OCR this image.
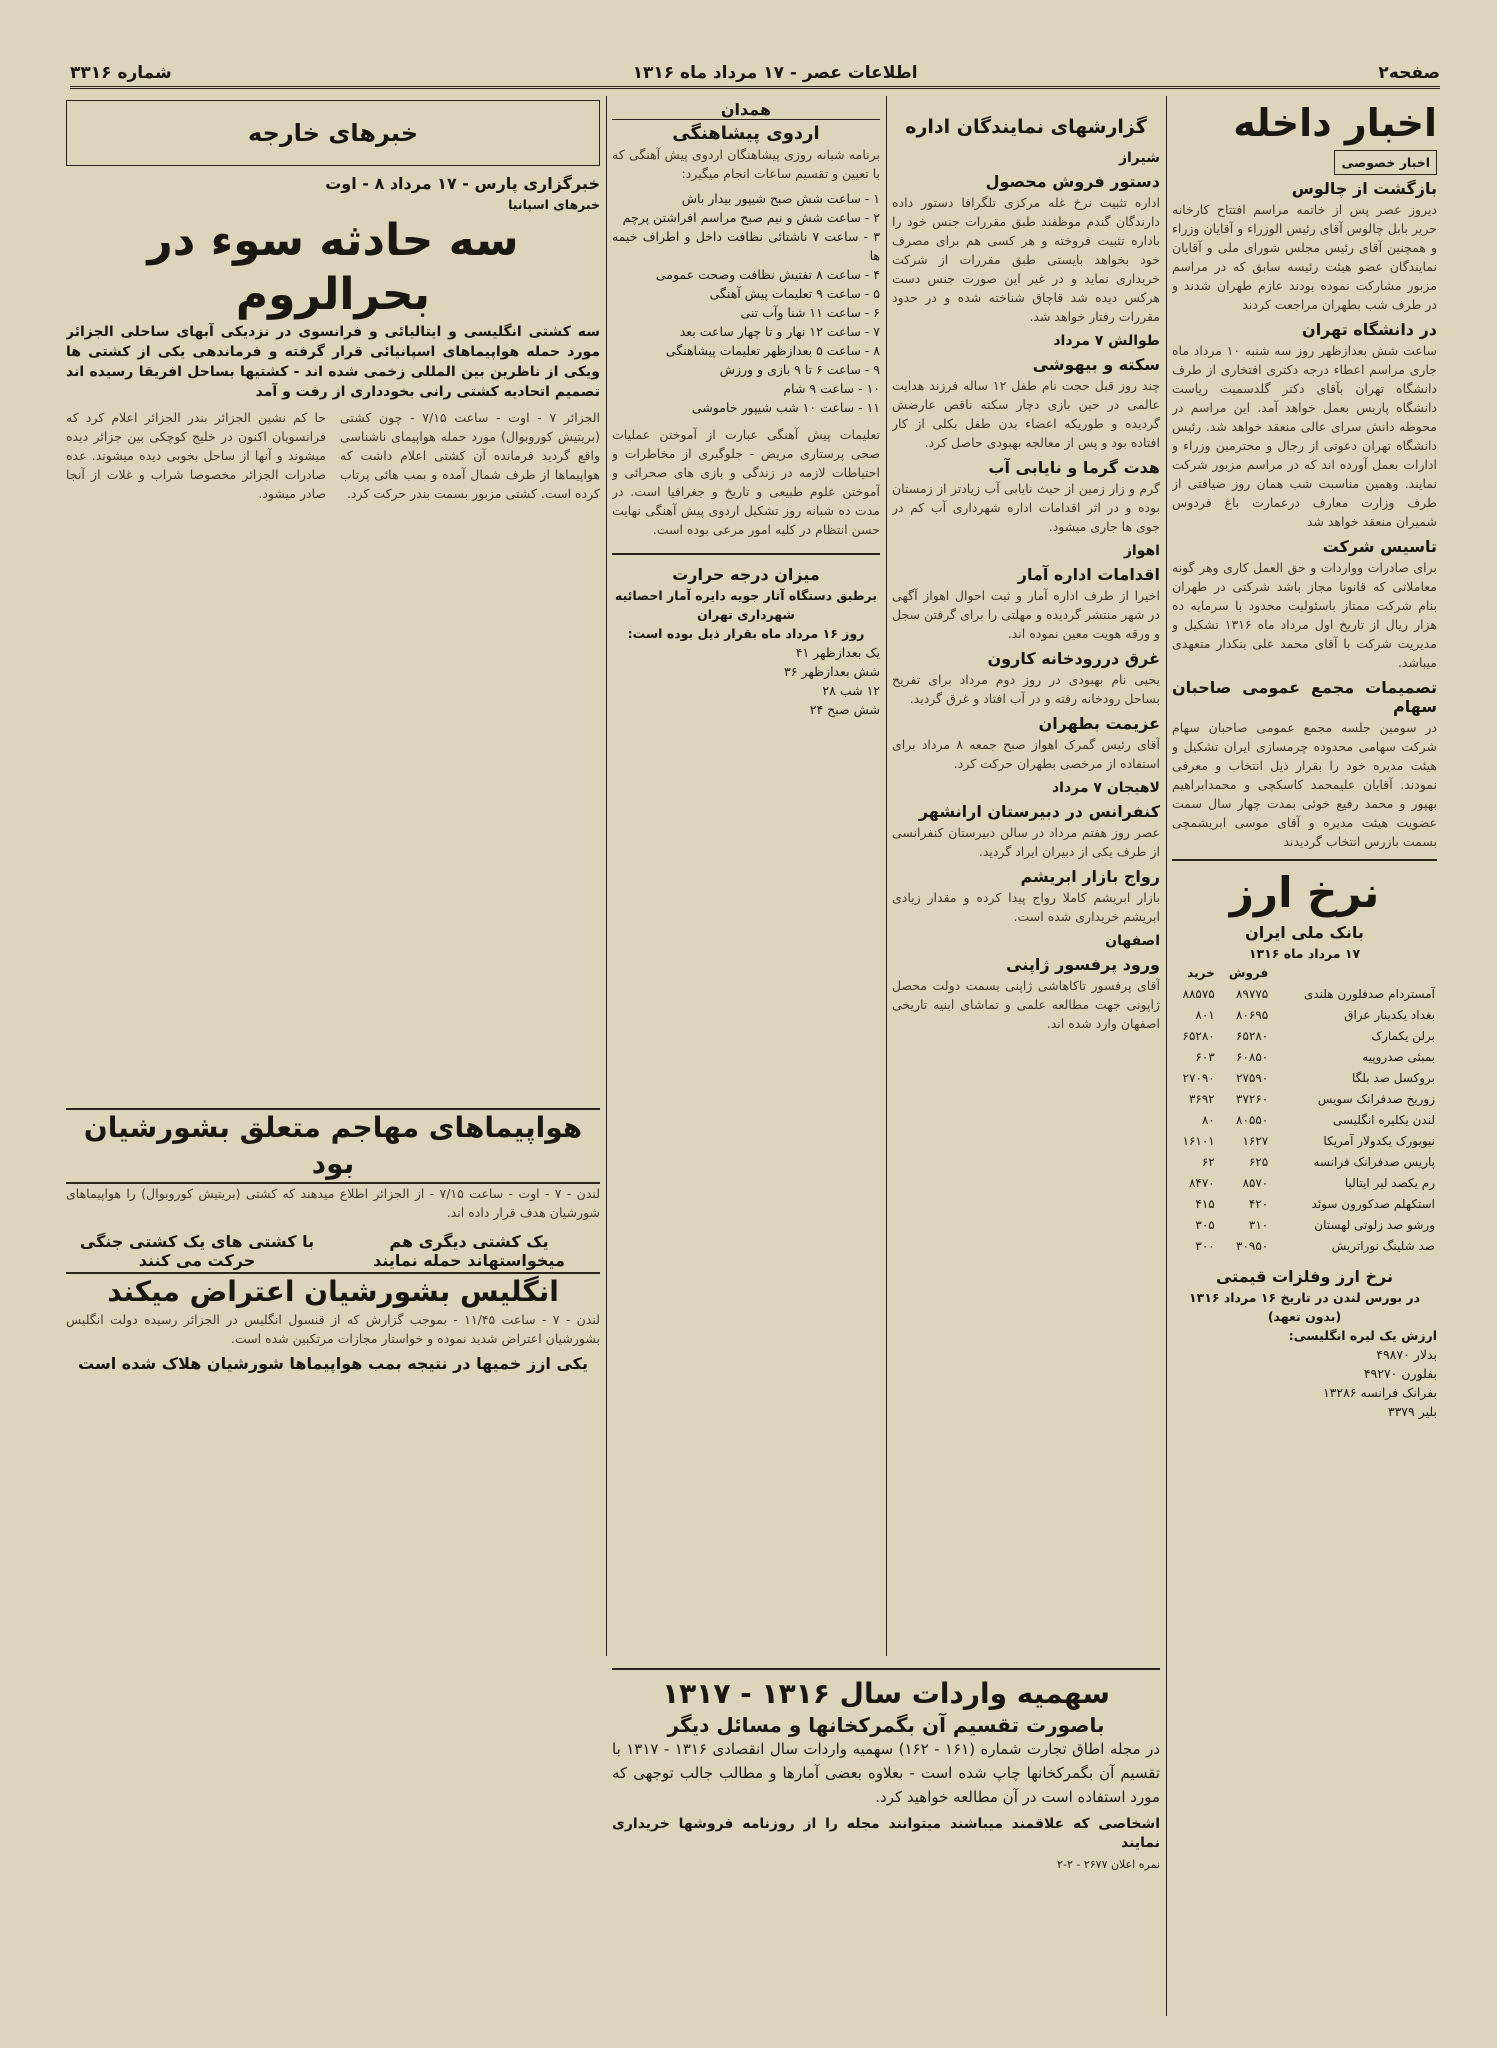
صفحه۲
اطلاعات عصر - ۱۷ مرداد ماه ۱۳۱۶
شماره ۳۳۱۶
اخبار داخله
اخبار خصوصی
بازگشت از چالوس

دیروز عصر پس از خاتمه مراسم افتتاح کارخانه حریر بابل چالوس آقای رئیس الوزراء و آقایان وزراء و همچنین آقای رئیس مجلس شورای ملی و آقایان نمایندگان عضو هیئت رئیسه سابق که در مراسم مزبور مشارکت نموده بودند عازم طهران شدند و در طرف شب بطهران مراجعت کردند

در دانشگاه تهران

ساعت شش بعدازظهر روز سه شنبه ۱۰ مرداد ماه جاری مراسم اعطاء درجه دکتری افتخاری از طرف دانشگاه تهران بآقای دکتر گلدسمیت ریاست دانشگاه پاریس بعمل خواهد آمد. این مراسم در محوطه دانش سرای عالی منعقد خواهد شد. رئیس دانشگاه تهران دعوتی از رجال و محترمین وزراء و ادارات بعمل آورده اند که در مراسم مزبور شرکت نمایند. وهمین مناسبت شب همان روز ضیافتی از طرف وزارت معارف درعمارت باغ فردوس شمیران منعقد خواهد شد

تاسیس شرکت

برای صادرات وواردات و حق العمل کاری وهر گونه معاملاتی که قانونا مجاز باشد شرکتی در طهران بنام شرکت ممتاز باسئولیت محدود با سرمایه ده هزار ریال از تاریخ اول مرداد ماه ۱۳۱۶ تشکیل و مدیریت شرکت با آقای محمد علی بنکدار متعهدی میباشد.

تصمیمات مجمع عمومی صاحبان سهام

در سومین جلسه مجمع عمومی صاحبان سهام شرکت سهامی محدوده چرمسازی ایران تشکیل و هیئت مدیره خود را بقرار ذیل انتخاب و معرفی نمودند. آقایان علیمحمد کاسکچی و محمدابراهیم بهپور و محمد رفیع خوئی بمدت چهار سال سمت عضویت هیئت مدیره و آقای موسی ابریشمچی بسمت بازرس انتخاب گردیدند

نرخ ارز
بانک ملی ایران
۱۷ مرداد ماه ۱۳۱۶
	فروش	خرید
آمستردام صدفلورن هلندی	۸۹۷۷۵	۸۸۵۷۵
بغداد یکدینار عراق	۸۰۶۹۵	۸۰۱
برلن یکمارک	۶۵۲۸۰	۶۵۲۸۰
بمبئی صدروپیه	۶۰۸۵۰	۶۰۳
بروکسل صد بلگا	۲۷۵۹۰	۲۷۰۹۰
زوریخ صدفرانک سویس	۳۷۲۶۰	۳۶۹۲
لندن یکلیره انگلیسی	۸۰۵۵۰	۸۰
نیویورک یکدولار آمریکا	۱۶۲۷	۱۶۱۰۱
پاریس صدفرانک فرانسه	۶۲۵	۶۲
رم یکصد لیر ایتالیا	۸۵۷۰	۸۴۷۰
استکهلم صدکورون سوئد	۴۲۰	۴۱۵
ورشو صد زلوتی لهستان	۳۱۰	۳۰۵
صد شلینگ نوراتریش	۳۰۹۵۰	۳۰۰
نرخ ارز وفلزات قیمتی
در بورس لندن در تاریخ ۱۶ مرداد ۱۳۱۶
(بدون تعهد)
ارزش یک لیره انگلیسی:
بدلار ۴۹۸۷۰
بفلورن ۴۹۲۷۰
بفرانک فرانسه ۱۳۲۸۶
بلیر ۳۳۷۹
گزارشهای نمایندگان اداره
شیراز
دستور فروش محصول

اداره تثبیت نرخ غله مرکزی تلگرافا دستور داده دارندگان گندم موظفند طبق مقررات جنس خود را باداره تثبیت فروخته و هر کسی هم برای مصرف خود بخواهد بایستی طبق مقررات از شرکت خریداری نماید و در غیر این صورت جنس دست هرکس دیده شد قاچاق شناخته شده و در حدود مقررات رفتار خواهد شد.

طوالش ۷ مرداد
سکته و بیهوشی

چند روز قبل حجت نام طفل ۱۲ ساله فرزند هدایت عالمی در حین بازی دچار سکته ناقص عارضش گردیده و طوریکه اعضاء بدن طفل بکلی از کار افتاده بود و پس از معالجه بهبودی حاصل کرد.

هدت گرما و نایابی آب

گرم و زار زمین از حیث نایابی آب زیادتر از زمستان بوده و در اثر اقدامات اداره شهرداری آب کم در جوی ها جاری میشود.

اهواز
اقدامات اداره آمار

اخیرا از طرف اداره آمار و ثبت احوال اهواز آگهی در شهر منتشر گردیده و مهلتی را برای گرفتن سجل و ورقه هویت معین نموده اند.

غرق دررودخانه کارون

یحیی نام بهبودی در روز دوم مرداد برای تفریح بساحل رودخانه رفته و در آب افتاد و غرق گردید.

عزیمت بطهران

آقای رئیس گمرک اهواز صبح جمعه ۸ مرداد برای استفاده از مرخصی بطهران حرکت کرد.

لاهیجان ۷ مرداد
کنفرانس در دبیرستان ارانشهر

عصر روز هفتم مرداد در سالن دبیرستان کنفرانسی از طرف یکی از دبیران ایراد گردید.

رواج بازار ابریشم

بازار ابریشم کاملا رواج پیدا کرده و مقدار زیادی ابریشم خریداری شده است.

اصفهان
ورود پرفسور ژاپنی

آقای پرفسور تاکاهاشی ژاپنی بسمت دولت محصل ژاپونی جهت مطالعه علمی و تماشای ابنیه تاریخی اصفهان وارد شده اند.

همدان
اردوی پیشاهنگی

برنامه شبانه روزی پیشاهنگان اردوی پیش آهنگی که با تعیین و تقسیم ساعات انجام میگیرد:

۱ - ساعت شش صبح شیپور بیدار باش
۲ - ساعت شش و نیم صبح مراسم افراشتن پرچم
۳ - ساعت ۷ ناشتائی نظافت داخل و اطراف خیمه ها
۴ - ساعت ۸ تفتیش نظافت وصحت عمومی
۵ - ساعت ۹ تعلیمات پیش آهنگی
۶ - ساعت ۱۱ شنا وآب تنی
۷ - ساعت ۱۲ نهار و تا چهار ساعت بعد
۸ - ساعت ۵ بعدازظهر تعلیمات پیشاهنگی
۹ - ساعت ۶ تا ۹ بازی و ورزش
۱۰ - ساعت ۹ شام
۱۱ - ساعت ۱۰ شب شیپور خاموشی

تعلیمات پیش آهنگی عبارت از آموختن عملیات صحی پرستاری مریض - جلوگیری از مخاطرات و احتیاطات لازمه در زندگی و بازی های صحرائی و آموختن علوم طبیعی و تاریخ و جغرافیا است. در مدت ده شبانه روز تشکیل اردوی پیش آهنگی نهایت حسن انتظام در کلیه امور مرعی بوده است.

میزان درجه حرارت
برطبق دستگاه آثار جویه دایره آمار احصائیه شهرداری تهران
روز ۱۶ مرداد ماه بقرار ذیل بوده است:
یک بعدازظهر ۴۱
شش بعدازظهر ۳۶
۱۲ شب ۲۸
شش صبح ۲۴
خبرهای خارجه
خبرگزاری پارس - ۱۷ مرداد ۸ - اوت
خبرهای اسپانیا
سه حادثه سوء در بحرالروم

سه کشتی انگلیسی و ایتالیائی و فرانسوی در نزدیکی آبهای ساحلی الجزائر مورد حمله هواپیماهای اسپانیائی قرار گرفته و فرماندهی یکی از کشتی ها ویکی از ناظرین بین المللی زخمی شده اند - کشتیها بساحل افریقا رسیده اند تصمیم اتحادیه کشتی رانی بخودداری از رفت و آمد

الجزائر ۷ - اوت - ساعت ۷/۱۵ - چون کشتی (بریتیش کوروبوال) مورد حمله هواپیمای ناشناسی واقع گردید فرمانده آن کشتی اعلام داشت که هواپیماها از طرف شمال آمده و بمب هائی پرتاب کرده است. کشتی مزبور بسمت بندر حرکت کرد.

حا کم نشین الجزائر بندر الجزائر اعلام کرد که فرانسویان اکنون در خلیج کوچکی بین جزائر دیده میشوند و آنها از ساحل بخوبی دیده میشوند. عده صادرات الجزائر مخصوصا شراب و غلات از آنجا صادر میشود.

هواپیماهای مهاجم متعلق بشورشیان بود

لندن - ۷ - اوت - ساعت ۷/۱۵ - از الجزائر اطلاع میدهند که کشتی (بریتیش کوروبوال) را هواپیماهای شورشیان هدف قرار داده اند.

یک کشتی دیگری هم میخواستهاند حمله نمایند
با کشتی های یک کشتی جنگی حرکت می کنند
انگلیس بشورشیان اعتراض میکند

لندن - ۷ - ساعت ۱۱/۴۵ - بموجب گزارش که از قنسول انگلیس در الجزائر رسیده دولت انگلیس بشورشیان اعتراض شدید نموده و خواستار مجازات مرتکبین شده است.

یکی ازز خمیها در نتیجه بمب هواپیماها شورشیان هلاک شده است
سهمیه واردات سال ۱۳۱۶ - ۱۳۱۷
باصورت تقسیم آن بگمرکخانها و مسائل دیگر

در مجله اطاق تجارت شماره (۱۶۱ - ۱۶۲) سهمیه واردات سال انقصادی ۱۳۱۶ - ۱۳۱۷ با تقسیم آن بگمرکخانها چاپ شده است - بعلاوه بعضی آمارها و مطالب جالب توجهی که مورد استفاده است در آن مطالعه خواهید کرد.

اشخاصی که علاقمند میباشند میتوانند مجله را از روزنامه فروشها خریداری نمایند
نمره اعلان ۲۶۷۷ - ۲-۲
